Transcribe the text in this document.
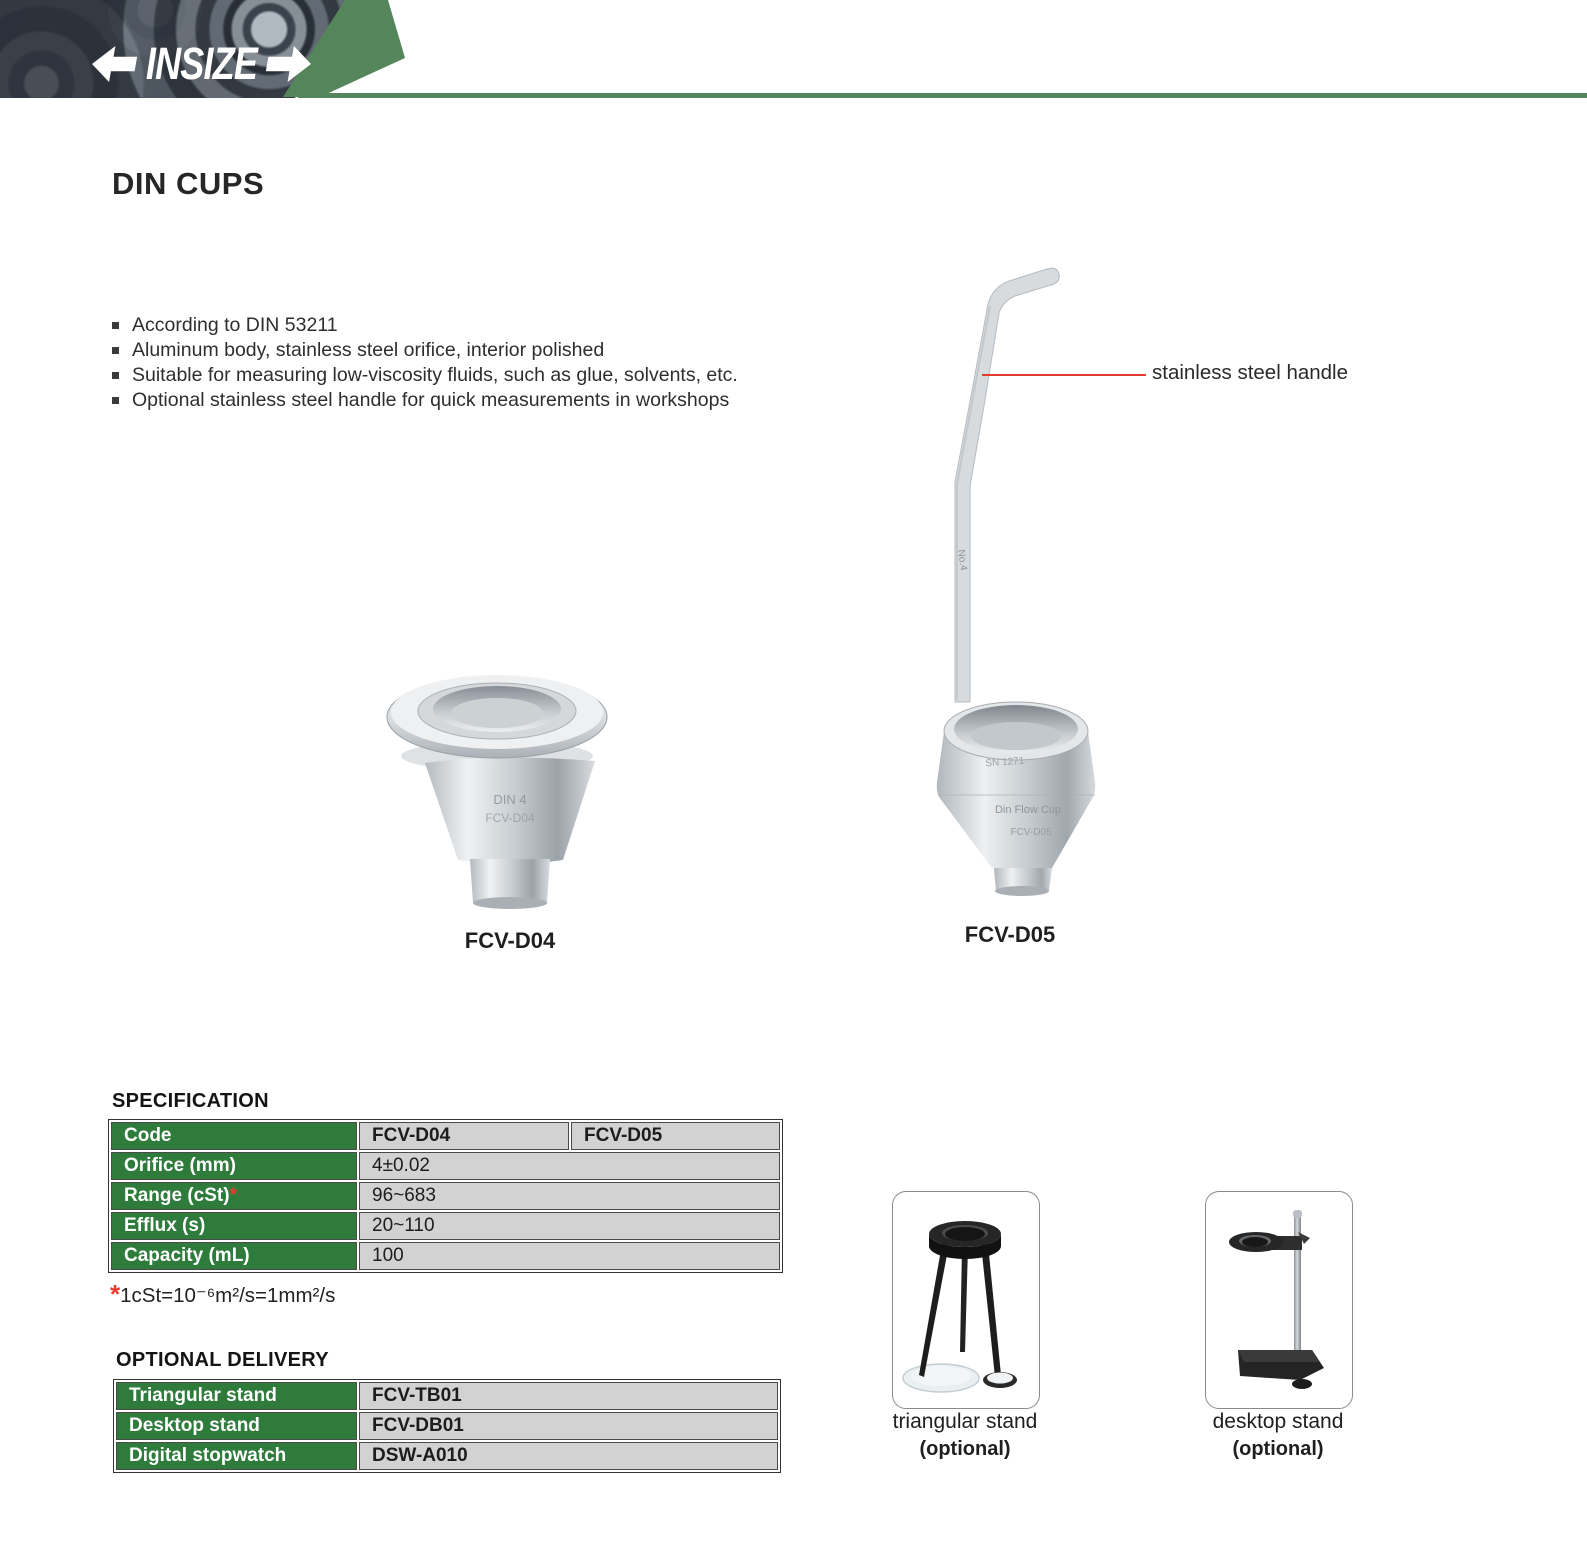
INSIZE
DIN CUPS
According to DIN 53211
Aluminum body, stainless steel orifice, interior polished
Suitable for measuring low-viscosity fluids, such as glue, solvents, etc.
Optional stainless steel handle for quick measurements in workshops
DIN 4
FCV-D04
FCV-D04
No.4
SN 1271
Din Flow Cup
FCV-D05
FCV-D05
stainless steel handle
SPECIFICATION
Code	FCV-D04	FCV-D05
Orifice (mm)	4±0.02	
Range (cSt)*	96~683	
Efflux (s)	20~110	
Capacity (mL)	100	
*1cSt=10⁻⁶m²/s=1mm²/s
OPTIONAL DELIVERY
Triangular stand	FCV-TB01
Desktop stand	FCV-DB01
Digital stopwatch	DSW-A010
triangular stand
(optional)
desktop stand
(optional)
